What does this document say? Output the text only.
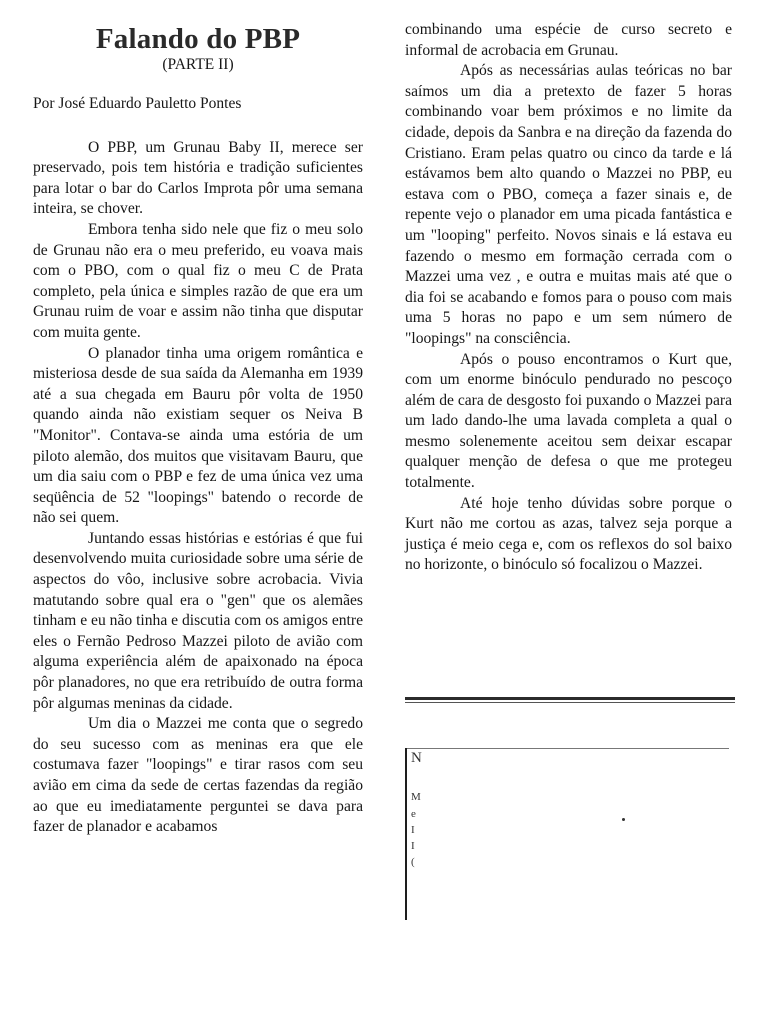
Falando do PBP
(PARTE II)
Por José Eduardo Pauletto Pontes

O PBP, um Grunau Baby II, merece ser preservado, pois tem história e tradição suficientes para lotar o bar do Carlos Improta pôr uma semana inteira, se chover.

Embora tenha sido nele que fiz o meu solo de Grunau não era o meu preferido, eu voava mais com o PBO, com o qual fiz o meu C de Prata completo, pela única e simples razão de que era um Grunau ruim de voar e assim não tinha que disputar com muita gente.

O planador tinha uma origem romântica e misteriosa desde de sua saída da Alemanha em 1939 até a sua chegada em Bauru pôr volta de 1950 quando ainda não existiam sequer os Neiva B "Monitor". Contava-se ainda uma estória de um piloto alemão, dos muitos que visitavam Bauru, que um dia saiu com o PBP e fez de uma única vez uma seqüência de 52 "loopings" batendo o recorde de não sei quem.

Juntando essas histórias e estórias é que fui desenvolvendo muita curiosidade sobre uma série de aspectos do vôo, inclusive sobre acrobacia. Vivia matutando sobre qual era o "gen" que os alemães tinham e eu não tinha e discutia com os amigos entre eles o Fernão Pedroso Mazzei piloto de avião com alguma experiência além de apaixonado na época pôr planadores, no que era retribuído de outra forma pôr algumas meninas da cidade.

Um dia o Mazzei me conta que o segredo do seu sucesso com as meninas era que ele costumava fazer "loopings" e tirar rasos com seu avião em cima da sede de certas fazendas da região ao que eu imediatamente perguntei se dava para fazer de planador e acabamos

combinando uma espécie de curso secreto e informal de acrobacia em Grunau.

Após as necessárias aulas teóricas no bar saímos um dia a pretexto de fazer 5 horas combinando voar bem próximos e no limite da cidade, depois da Sanbra e na direção da fazenda do Cristiano. Eram pelas quatro ou cinco da tarde e lá estávamos bem alto quando o Mazzei no PBP, eu estava com o PBO, começa a fazer sinais e, de repente vejo o planador em uma picada fantástica e um "looping" perfeito. Novos sinais e lá estava eu fazendo o mesmo em formação cerrada com o Mazzei uma vez , e outra e muitas mais até que o dia foi se acabando e fomos para o pouso com mais uma 5 horas no papo e um sem número de "loopings" na consciência.

Após o pouso encontramos o Kurt que, com um enorme binóculo pendurado no pescoço além de cara de desgosto foi puxando o Mazzei para um lado dando-lhe uma lavada completa a qual o mesmo solenemente aceitou sem deixar escapar qualquer menção de defesa o que me protegeu totalmente.

Até hoje tenho dúvidas sobre porque o Kurt não me cortou as azas, talvez seja porque a justiça é meio cega e, com os reflexos do sol baixo no horizonte, o binóculo só focalizou o Mazzei.

N
M
e
I
I
(
